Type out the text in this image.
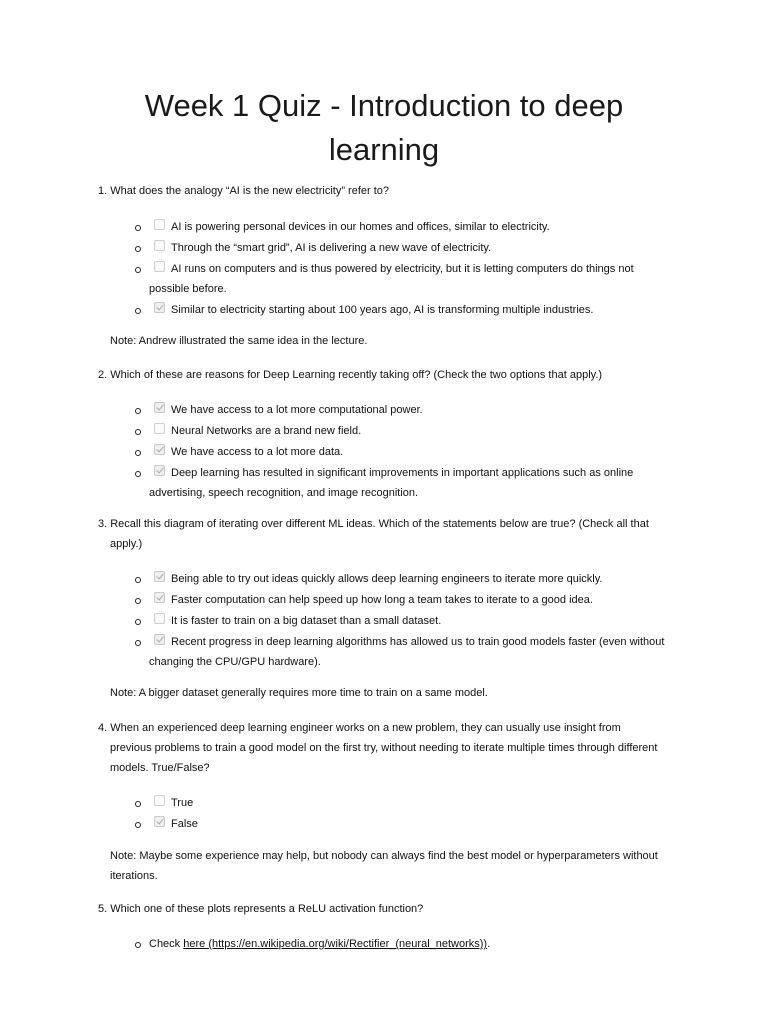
Week 1 Quiz - Introduction to deep
learning
1. What does the analogy “AI is the new electricity” refer to?
AI is powering personal devices in our homes and offices, similar to electricity.
Through the “smart grid”, AI is delivering a new wave of electricity.
AI runs on computers and is thus powered by electricity, but it is letting computers do things not
possible before.
Similar to electricity starting about 100 years ago, AI is transforming multiple industries.
Note: Andrew illustrated the same idea in the lecture.
2. Which of these are reasons for Deep Learning recently taking off? (Check the two options that apply.)
We have access to a lot more computational power.
Neural Networks are a brand new field.
We have access to a lot more data.
Deep learning has resulted in significant improvements in important applications such as online
advertising, speech recognition, and image recognition.
3. Recall this diagram of iterating over different ML ideas. Which of the statements below are true? (Check all that
apply.)
Being able to try out ideas quickly allows deep learning engineers to iterate more quickly.
Faster computation can help speed up how long a team takes to iterate to a good idea.
It is faster to train on a big dataset than a small dataset.
Recent progress in deep learning algorithms has allowed us to train good models faster (even without
changing the CPU/GPU hardware).
Note: A bigger dataset generally requires more time to train on a same model.
4. When an experienced deep learning engineer works on a new problem, they can usually use insight from
previous problems to train a good model on the first try, without needing to iterate multiple times through different
models. True/False?
True
False
Note: Maybe some experience may help, but nobody can always find the best model or hyperparameters without
iterations.
5. Which one of these plots represents a ReLU activation function?
Check here (https://en.wikipedia.org/wiki/Rectifier_(neural_networks)).
